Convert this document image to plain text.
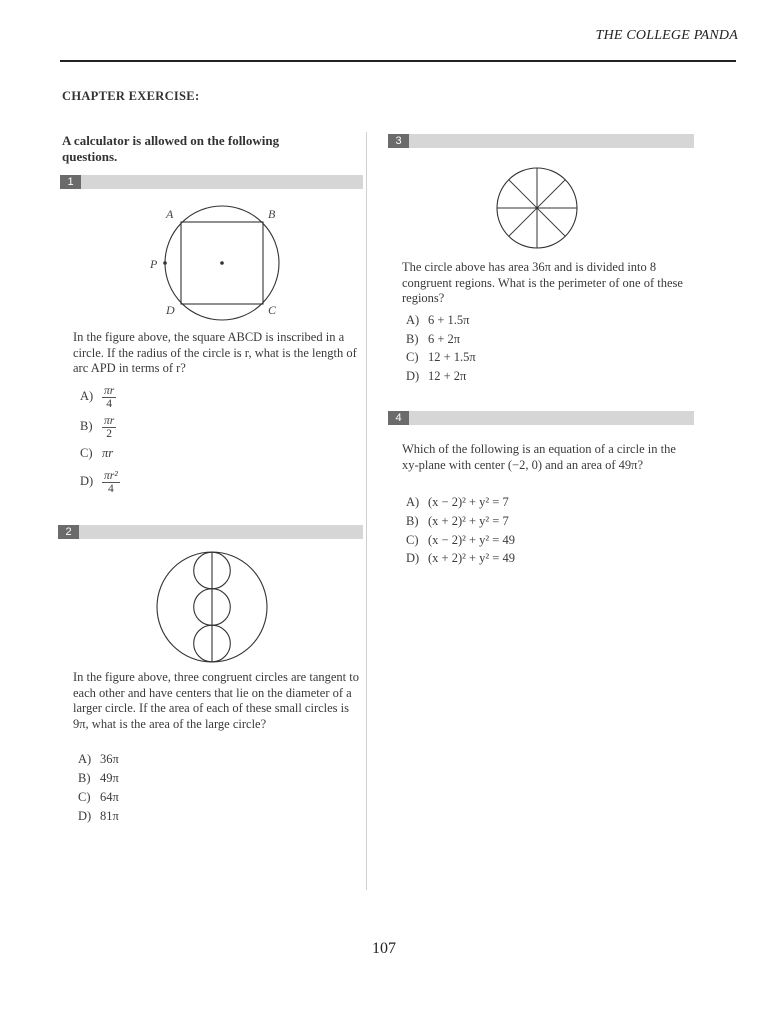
THE COLLEGE PANDA
CHAPTER EXERCISE:
A calculator is allowed on the following questions.
1
A	B
D	C
P
In the figure above, the square ABCD is inscribed in a circle. If the radius of the circle is r, what is the length of arc APD in terms of r?
$A) \frac{\pi r}{4}$
$B) \frac{\pi r}{2}$
C) πr
$D) \frac{\text{πr²}}{4}$
2
In the figure above, three congruent circles are tangent to each other and have centers that lie on the diameter of a larger circle. If the area of each of these small circles is 9π, what is the area of the large circle?
A) 36π
B) 49π
C) 64π
D) 81π
3
The circle above has area 36π and is divided into 8 congruent regions. What is the perimeter of one of these regions?
A) 6 + 1.5π
B) 6 + 2π
C) 12 + 1.5π
D) 12 + 2π
4
Which of the following is an equation of a circle in the xy-plane with center (−2, 0) and an area of 49π?
A) (x − 2)² + y² = 7
B) (x + 2)² + y² = 7
C) (x − 2)² + y² = 49
D) (x + 2)² + y² = 49
107
